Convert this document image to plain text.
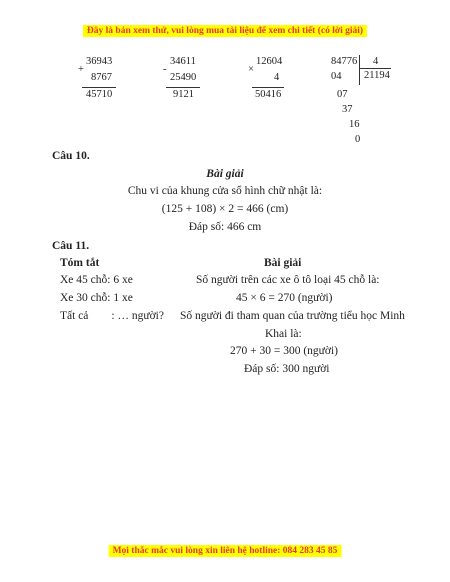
Đây là bản xem thử, vui lòng mua tài liệu để xem chi tiết (có lời giải)
36943
+
8767
45710
34611
-
25490
9121
12604
×
4
50416
84776 4
21194
04
07
37
16
0
Câu 10.
Bài giải
Chu vi của khung cửa sổ hình chữ nhật là:
(125 + 108) × 2 = 466 (cm)
Đáp số: 466 cm
Câu 11.
Tóm tắt	Bài giải
Xe 45 chỗ: 6 xe
Xe 30 chỗ: 1 xe
Tất cả        : … người?
Số người trên các xe ô tô loại 45 chỗ là:
45 × 6 = 270 (người)
Số người đi tham quan của trường tiểu học Minh
Khai là:
270 + 30 = 300 (người)
Đáp số: 300 người
Mọi thắc mắc vui lòng xin liên hệ hotline: 084 283 45 85
